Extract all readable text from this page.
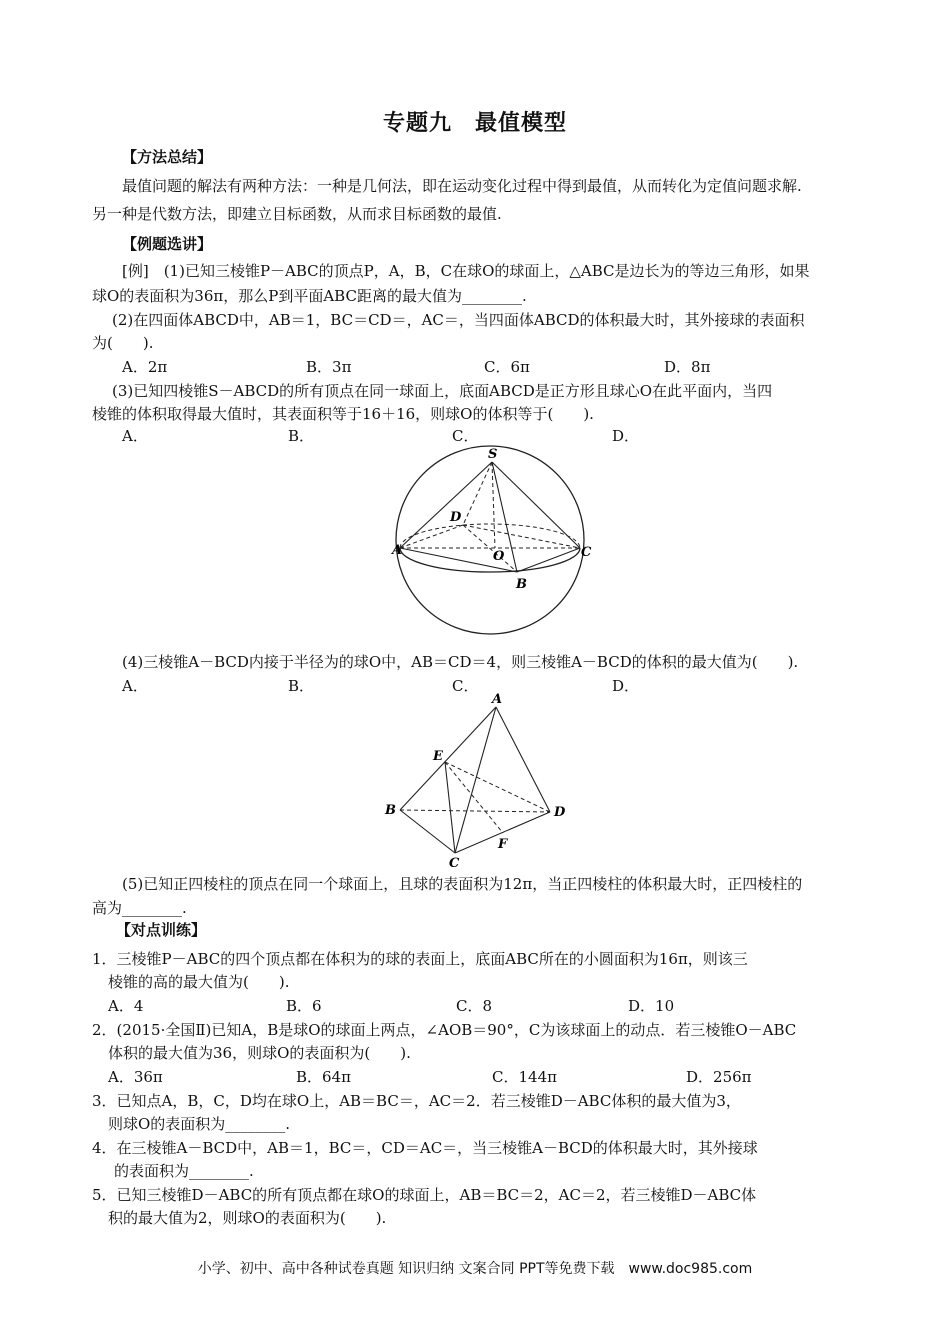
专题九　最值模型
【方法总结】
最值问题的解法有两种方法：一种是几何法，即在运动变化过程中得到最值，从而转化为定值问题求解.
另一种是代数方法，即建立目标函数，从而求目标函数的最值.
【例题选讲】
[例]　(1)已知三棱锥P－ABC的顶点P，A，B，C在球O的球面上，△ABC是边长为的等边三角形，如果
球O的表面积为36π，那么P到平面ABC距离的最大值为________.
(2)在四面体ABCD中，AB＝1，BC＝CD＝，AC＝，当四面体ABCD的体积最大时，其外接球的表面积
为(　　).
A．2π	B．3π	C．6π	D．8π
(3)已知四棱锥S－ABCD的所有顶点在同一球面上，底面ABCD是正方形且球心O在此平面内，当四
棱锥的体积取得最大值时，其表面积等于16＋16，则球O的体积等于(　　).
A．	B．	C．	D．
S
A	C
D
O
B
(4)三棱锥A－BCD内接于半径为的球O中，AB＝CD＝4，则三棱锥A－BCD的体积的最大值为(　　).
A．	B．	C．	D．
A
E
B	D
C
F
(5)已知正四棱柱的顶点在同一个球面上，且球的表面积为12π，当正四棱柱的体积最大时，正四棱柱的
高为________.
【对点训练】
1．三棱锥P－ABC的四个顶点都在体积为的球的表面上，底面ABC所在的小圆面积为16π，则该三
棱锥的高的最大值为(　　).
A．4	B．6	C．8	D．10
2．(2015·全国Ⅱ)已知A，B是球O的球面上两点，∠AOB＝90°，C为该球面上的动点．若三棱锥O－ABC
体积的最大值为36，则球O的表面积为(　　).
A．36π	B．64π	C．144π	D．256π
3．已知点A，B，C，D均在球O上，AB＝BC＝，AC＝2．若三棱锥D－ABC体积的最大值为3，
则球O的表面积为________.
4．在三棱锥A－BCD中，AB＝1，BC＝，CD＝AC＝，当三棱锥A－BCD的体积最大时，其外接球
的表面积为________.
5．已知三棱锥D－ABC的所有顶点都在球O的球面上，AB＝BC＝2，AC＝2，若三棱锥D－ABC体
积的最大值为2，则球O的表面积为(　　).
小学、初中、高中各种试卷真题 知识归纳 文案合同 PPT等免费下载　www.doc985.com
